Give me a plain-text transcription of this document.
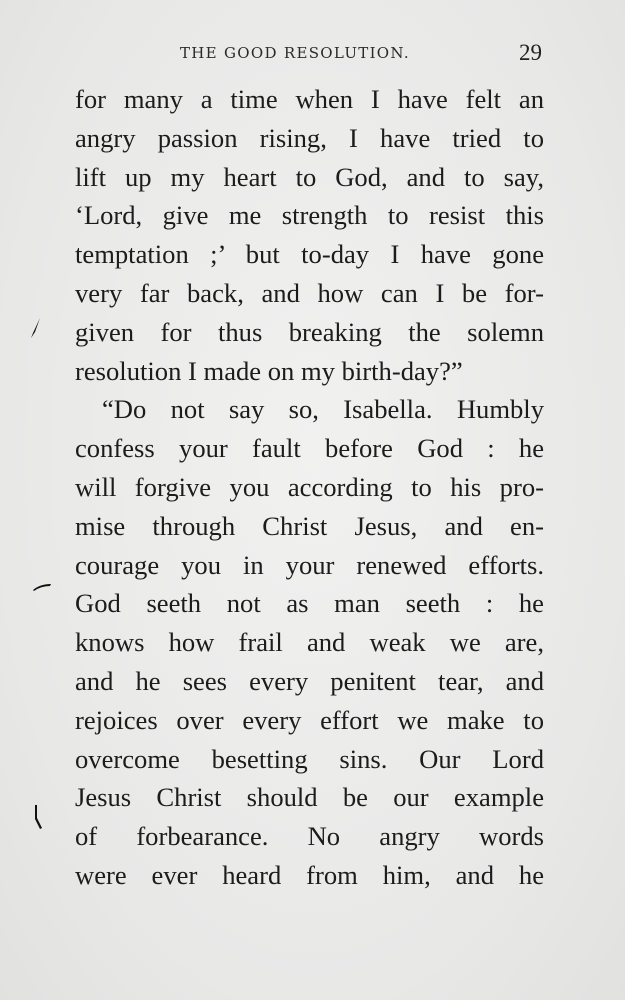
THE GOOD RESOLUTION.	29
for many a time when I have felt an
angry passion rising, I have tried to
lift up my heart to God, and to say,
‘Lord, give me strength to resist this
temptation ;’ but to-day I have gone
very far back, and how can I be for-
given for thus breaking the solemn
resolution I made on my birth-day?”
“Do not say so, Isabella. Humbly
confess your fault before God : he
will forgive you according to his pro-
mise through Christ Jesus, and en-
courage you in your renewed efforts.
God seeth not as man seeth : he
knows how frail and weak we are,
and he sees every penitent tear, and
rejoices over every effort we make to
overcome besetting sins. Our Lord
Jesus Christ should be our example
of forbearance. No angry words
were ever heard from him, and he
